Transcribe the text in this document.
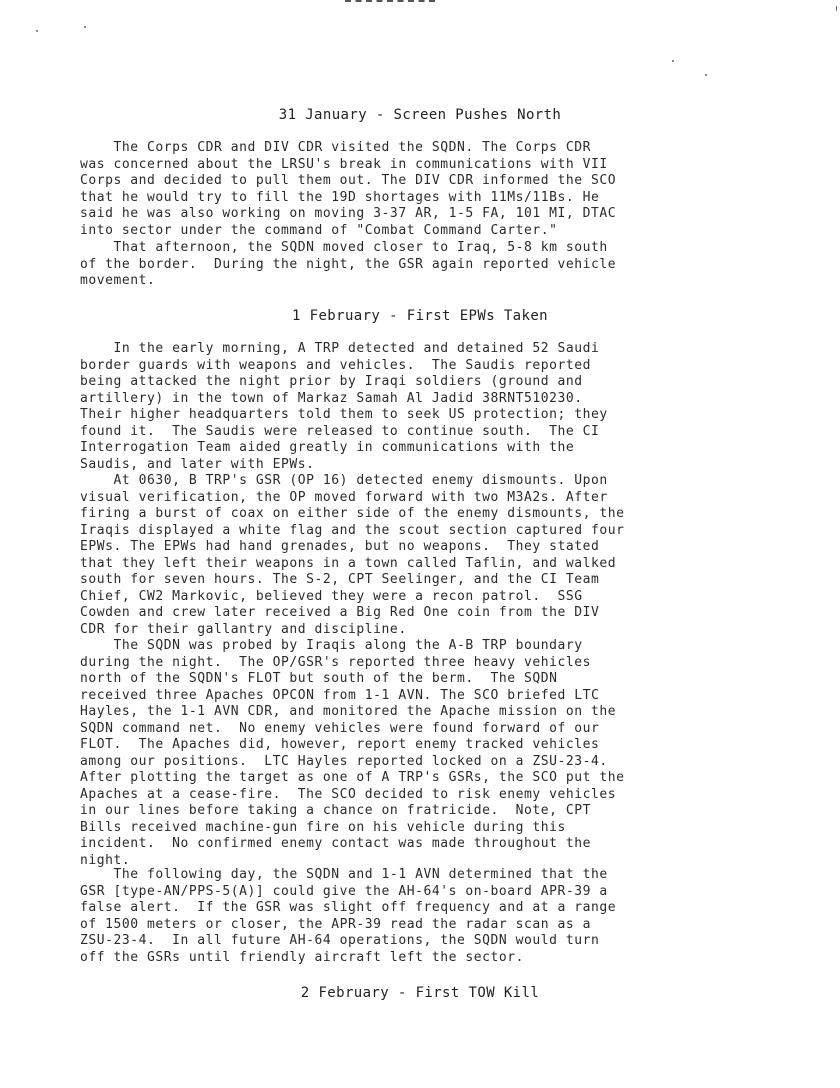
31 January - Screen Pushes North

The Corps CDR and DIV CDR visited the SQDN. The Corps CDR
was concerned about the LRSU's break in communications with VII
Corps and decided to pull them out. The DIV CDR informed the SCO
that he would try to fill the 19D shortages with 11Ms/11Bs. He
said he was also working on moving 3-37 AR, 1-5 FA, 101 MI, DTAC
into sector under the command of "Combat Command Carter."

That afternoon, the SQDN moved closer to Iraq, 5-8 km south
of the border.  During the night, the GSR again reported vehicle
movement.

1 February - First EPWs Taken

In the early morning, A TRP detected and detained 52 Saudi
border guards with weapons and vehicles.  The Saudis reported
being attacked the night prior by Iraqi soldiers (ground and
artillery) in the town of Markaz Samah Al Jadid 38RNT510230.
Their higher headquarters told them to seek US protection; they
found it.  The Saudis were released to continue south.  The CI
Interrogation Team aided greatly in communications with the
Saudis, and later with EPWs.

At 0630, B TRP's GSR (OP 16) detected enemy dismounts. Upon
visual verification, the OP moved forward with two M3A2s. After
firing a burst of coax on either side of the enemy dismounts, the
Iraqis displayed a white flag and the scout section captured four
EPWs. The EPWs had hand grenades, but no weapons.  They stated
that they left their weapons in a town called Taflin, and walked
south for seven hours. The S-2, CPT Seelinger, and the CI Team
Chief, CW2 Markovic, believed they were a recon patrol.  SSG
Cowden and crew later received a Big Red One coin from the DIV
CDR for their gallantry and discipline.

The SQDN was probed by Iraqis along the A-B TRP boundary
during the night.  The OP/GSR's reported three heavy vehicles
north of the SQDN's FLOT but south of the berm.  The SQDN
received three Apaches OPCON from 1-1 AVN. The SCO briefed LTC
Hayles, the 1-1 AVN CDR, and monitored the Apache mission on the
SQDN command net.  No enemy vehicles were found forward of our
FLOT.  The Apaches did, however, report enemy tracked vehicles
among our positions.  LTC Hayles reported locked on a ZSU-23-4.
After plotting the target as one of A TRP's GSRs, the SCO put the
Apaches at a cease-fire.  The SCO decided to risk enemy vehicles
in our lines before taking a chance on fratricide.  Note, CPT
Bills received machine-gun fire on his vehicle during this
incident.  No confirmed enemy contact was made throughout the
night.

The following day, the SQDN and 1-1 AVN determined that the
GSR [type-AN/PPS-5(A)] could give the AH-64's on-board APR-39 a
false alert.  If the GSR was slight off frequency and at a range
of 1500 meters or closer, the APR-39 read the radar scan as a
ZSU-23-4.  In all future AH-64 operations, the SQDN would turn
off the GSRs until friendly aircraft left the sector.

2 February - First TOW Kill
